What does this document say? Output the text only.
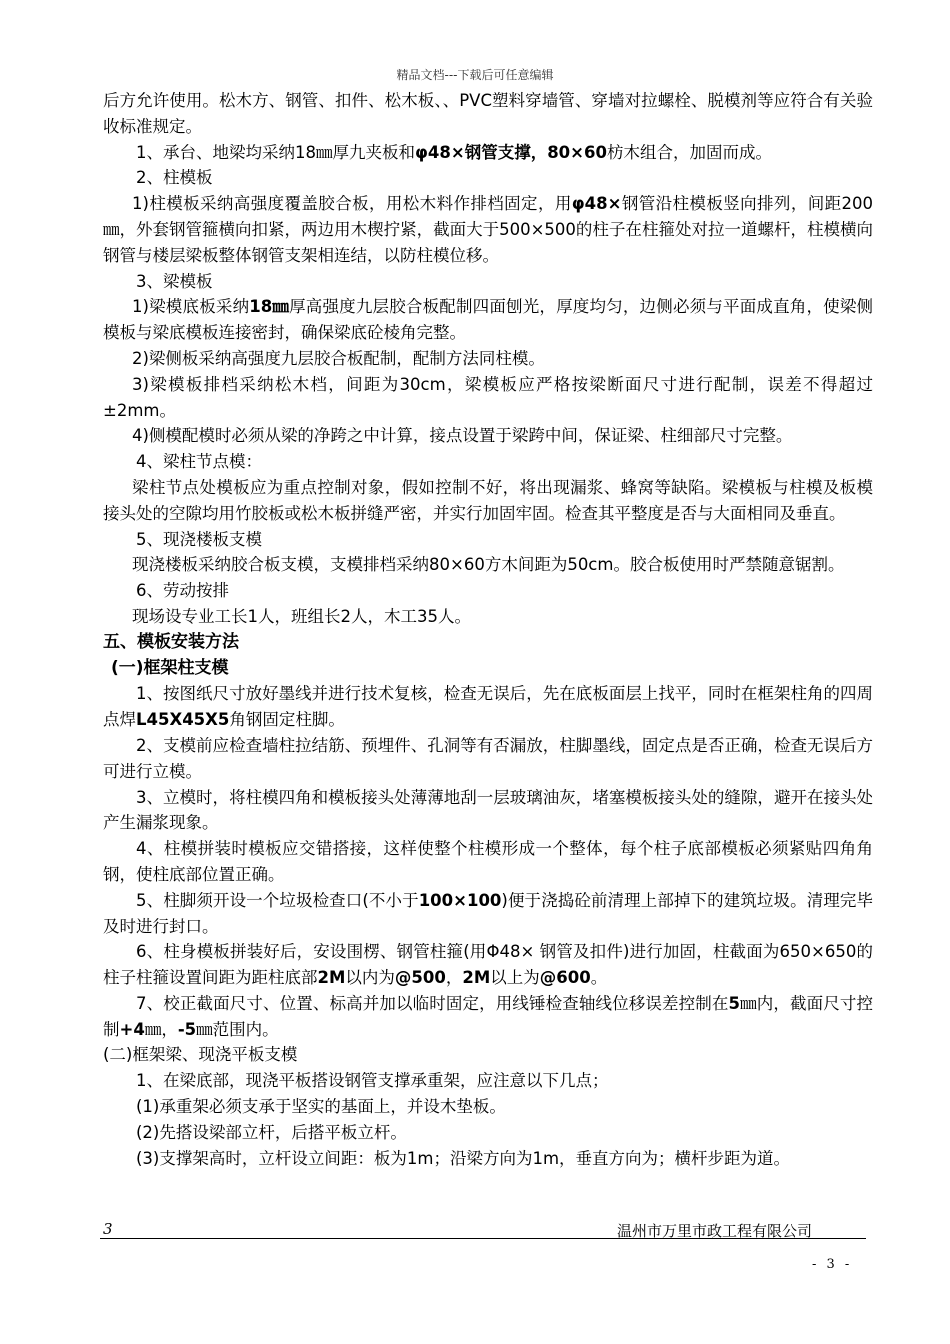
精品文档---下载后可任意编辑

后方允许使用。松木方、钢管、扣件、松木板、、PVC塑料穿墙管、穿墙对拉螺栓、脱模剂等应符合有关验收标准规定。

1、承台、地梁均采纳18㎜厚九夹板和φ48×钢管支撑，80×60枋木组合，加固而成。

2、柱模板

1)柱模板采纳高强度覆盖胶合板，用松木料作排档固定，用φ48×钢管沿柱模板竖向排列，间距200㎜，外套钢管箍横向扣紧，两边用木楔拧紧，截面大于500×500的柱子在柱箍处对拉一道螺杆，柱模横向钢管与楼层梁板整体钢管支架相连结，以防柱模位移。

3、梁模板

1)梁模底板采纳18㎜厚高强度九层胶合板配制四面刨光，厚度均匀，边侧必须与平面成直角，使梁侧模板与梁底模板连接密封，确保梁底砼棱角完整。

2)梁侧板采纳高强度九层胶合板配制，配制方法同柱模。

3)梁模板排档采纳松木档，间距为30cm，梁模板应严格按梁断面尺寸进行配制，误差不得超过±2mm。

4)侧模配模时必须从梁的净跨之中计算，接点设置于梁跨中间，保证梁、柱细部尺寸完整。

4、梁柱节点模：

梁柱节点处模板应为重点控制对象，假如控制不好，将出现漏浆、蜂窝等缺陷。梁模板与柱模及板模接头处的空隙均用竹胶板或松木板拼缝严密，并实行加固牢固。检查其平整度是否与大面相同及垂直。

5、现浇楼板支模

现浇楼板采纳胶合板支模，支模排档采纳80×60方木间距为50cm。胶合板使用时严禁随意锯割。

6、劳动按排

现场设专业工长1人，班组长2人，木工35人。

五、模板安装方法

(一)框架柱支模

1、按图纸尺寸放好墨线并进行技术复核，检查无误后，先在底板面层上找平，同时在框架柱角的四周点焊L45X45X5角钢固定柱脚。

2、支模前应检查墙柱拉结筋、预埋件、孔洞等有否漏放，柱脚墨线，固定点是否正确，检查无误后方可进行立模。

3、立模时，将柱模四角和模板接头处薄薄地刮一层玻璃油灰，堵塞模板接头处的缝隙，避开在接头处产生漏浆现象。

4、柱模拼装时模板应交错搭接，这样使整个柱模形成一个整体，每个柱子底部模板必须紧贴四角角钢，使柱底部位置正确。

5、柱脚须开设一个垃圾检查口(不小于100×100)便于浇捣砼前清理上部掉下的建筑垃圾。清理完毕及时进行封口。

6、柱身模板拼装好后，安设围楞、钢管柱箍(用Φ48× 钢管及扣件)进行加固，柱截面为650×650的柱子柱箍设置间距为距柱底部2M以内为@500，2M以上为@600。

7、校正截面尺寸、位置、标高并加以临时固定，用线锤检查轴线位移误差控制在5㎜内，截面尺寸控制+4㎜，-5㎜范围内。

(二)框架梁、现浇平板支模

1、在梁底部，现浇平板搭设钢管支撑承重架，应注意以下几点；

(1)承重架必须支承于坚实的基面上，并设木垫板。

(2)先搭设梁部立杆，后搭平板立杆。

(3)支撑架高时，立杆设立间距：板为1m；沿梁方向为1m，垂直方向为；横杆步距为道。

3	温州市万里市政工程有限公司
- 3 -
